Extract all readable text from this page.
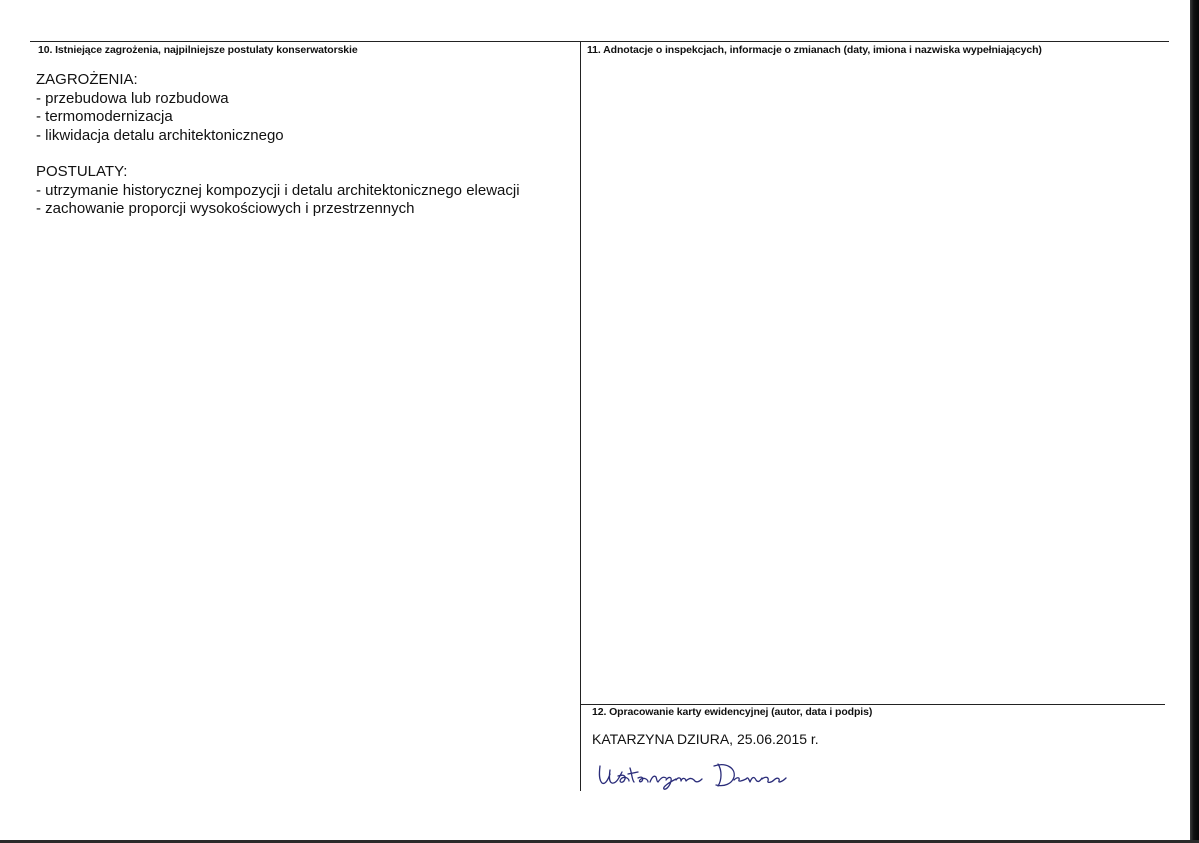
10. Istniejące zagrożenia, najpilniejsze postulaty konserwatorskie	11. Adnotacje o inspekcjach, informacje o zmianach (daty, imiona i nazwiska wypełniających)
12. Opracowanie karty ewidencyjnej (autor, data i podpis)
ZAGROŻENIA:
- przebudowa lub rozbudowa
- termomodernizacja
- likwidacja detalu architektonicznego
POSTULATY:
- utrzymanie historycznej kompozycji i detalu architektonicznego elewacji
- zachowanie proporcji wysokościowych i przestrzennych
KATARZYNA DZIURA, 25.06.2015 r.
